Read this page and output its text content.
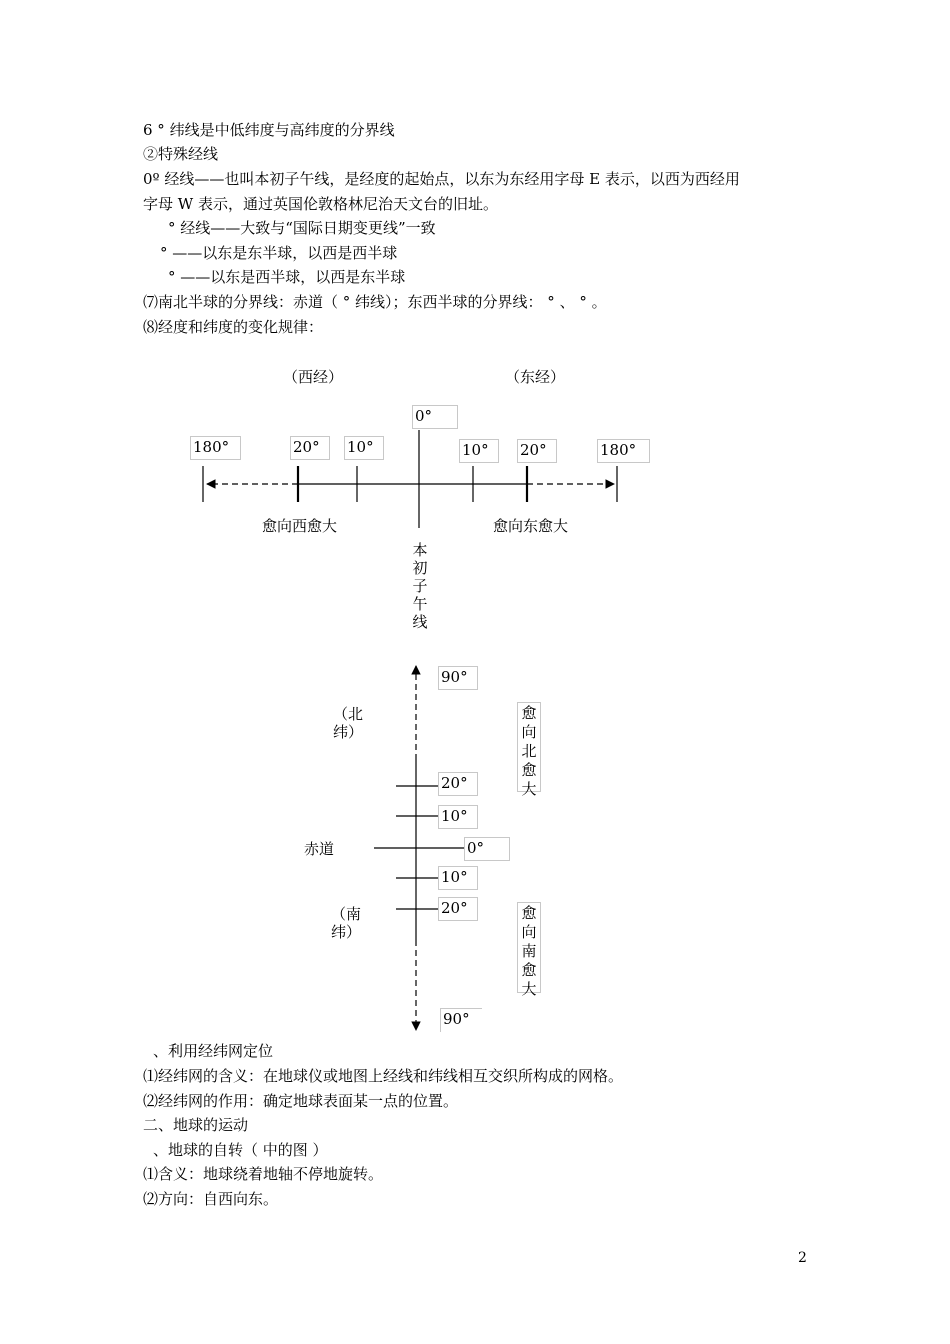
6 ° 纬线是中低纬度与高纬度的分界线
②特殊经线
0º 经线——也叫本初子午线，是经度的起始点，以东为东经用字母 E 表示，以西为西经用
字母 W 表示，通过英国伦敦格林尼治天文台的旧址。
° 经线——大致与“国际日期变更线”一致
° ——以东是东半球，以西是西半球
° ——以东是西半球，以西是东半球
⑺南北半球的分界线：赤道（ ° 纬线）；东西半球的分界线： ° 、 ° 。
⑻经度和纬度的变化规律：
（西经）	（东经）
0°
180°	20°	10°	10°	20°	180°
愈向西愈大	愈向东愈大
本初子午线
90°
20°
10°
0°
10°
20°
90°
赤道
（北纬）
（南纬）
愈向北愈大
愈向南愈大
、利用经纬网定位
⑴经纬网的含义：在地球仪或地图上经线和纬线相互交织所构成的网格。
⑵经纬网的作用：确定地球表面某一点的位置。
二、地球的运动
、地球的自转（ 中的图 ）
⑴含义：地球绕着地轴不停地旋转。
⑵方向：自西向东。
2
